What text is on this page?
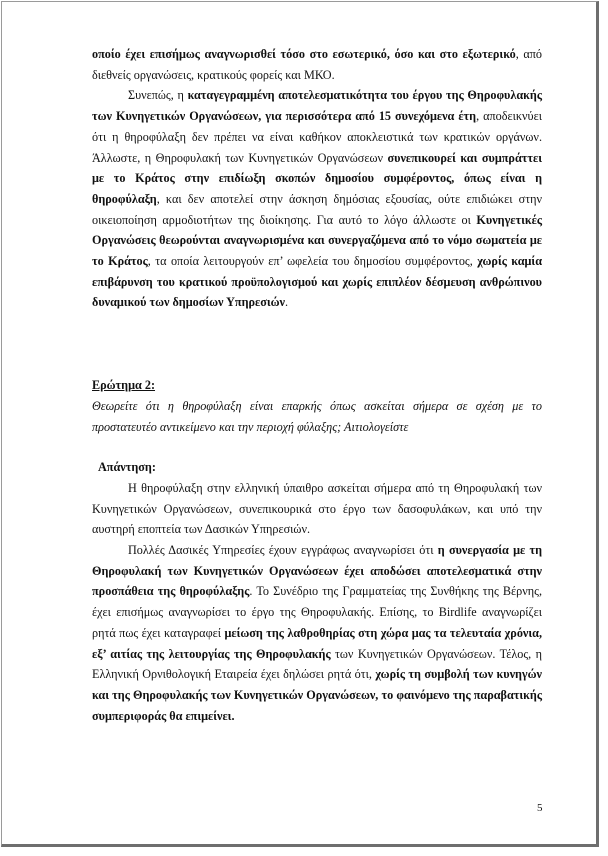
οποίο έχει επισήμως αναγνωρισθεί τόσο στο εσωτερικό, όσο και στο εξωτερικό, από διεθνείς οργανώσεις, κρατικούς φορείς και ΜΚΟ.

Συνεπώς, η καταγεγραμμένη αποτελεσματικότητα του έργου της Θηροφυλακής των Κυνηγετικών Οργανώσεων, για περισσότερα από 15 συνεχόμενα έτη, αποδεικνύει ότι η θηροφύλαξη δεν πρέπει να είναι καθήκον αποκλειστικά των κρατικών οργάνων. Άλλωστε, η Θηροφυλακή των Κυνηγετικών Οργανώσεων συνεπικουρεί και συμπράττει με το Κράτος στην επιδίωξη σκοπών δημοσίου συμφέροντος, όπως είναι η θηροφύλαξη, και δεν αποτελεί στην άσκηση δημόσιας εξουσίας, ούτε επιδιώκει στην οικειοποίηση αρμοδιοτήτων της διοίκησης. Για αυτό το λόγο άλλωστε οι Κυνηγετικές Οργανώσεις θεωρούνται αναγνωρισμένα και συνεργαζόμενα από το νόμο σωματεία με το Κράτος, τα οποία λειτουργούν επ’ ωφελεία του δημοσίου συμφέροντος, χωρίς καμία επιβάρυνση του κρατικού προϋπολογισμού και χωρίς επιπλέον δέσμευση ανθρώπινου δυναμικού των δημοσίων Υπηρεσιών.

Ερώτημα 2:

Θεωρείτε ότι η θηροφύλαξη είναι επαρκής όπως ασκείται σήμερα σε σχέση με το προστατευτέο αντικείμενο και την περιοχή φύλαξης; Αιτιολογείστε

Απάντηση:

Η θηροφύλαξη στην ελληνική ύπαιθρο ασκείται σήμερα από τη Θηροφυλακή των Κυνηγετικών Οργανώσεων, συνεπικουρικά στο έργο των δασοφυλάκων, και υπό την αυστηρή εποπτεία των Δασικών Υπηρεσιών.

Πολλές Δασικές Υπηρεσίες έχουν εγγράφως αναγνωρίσει ότι η συνεργασία με τη Θηροφυλακή των Κυνηγετικών Οργανώσεων έχει αποδώσει αποτελεσματικά στην προσπάθεια της θηροφύλαξης. Το Συνέδριο της Γραμματείας της Συνθήκης της Βέρνης, έχει επισήμως αναγνωρίσει το έργο της Θηροφυλακής. Επίσης, το Birdlife αναγνωρίζει ρητά πως έχει καταγραφεί μείωση της λαθροθηρίας στη χώρα μας τα τελευταία χρόνια, εξ’ αιτίας της λειτουργίας της Θηροφυλακής των Κυνηγετικών Οργανώσεων. Τέλος, η Ελληνική Ορνιθολογική Εταιρεία έχει δηλώσει ρητά ότι, χωρίς τη συμβολή των κυνηγών και της Θηροφυλακής των Κυνηγετικών Οργανώσεων, το φαινόμενο της παραβατικής συμπεριφοράς θα επιμείνει.

5
